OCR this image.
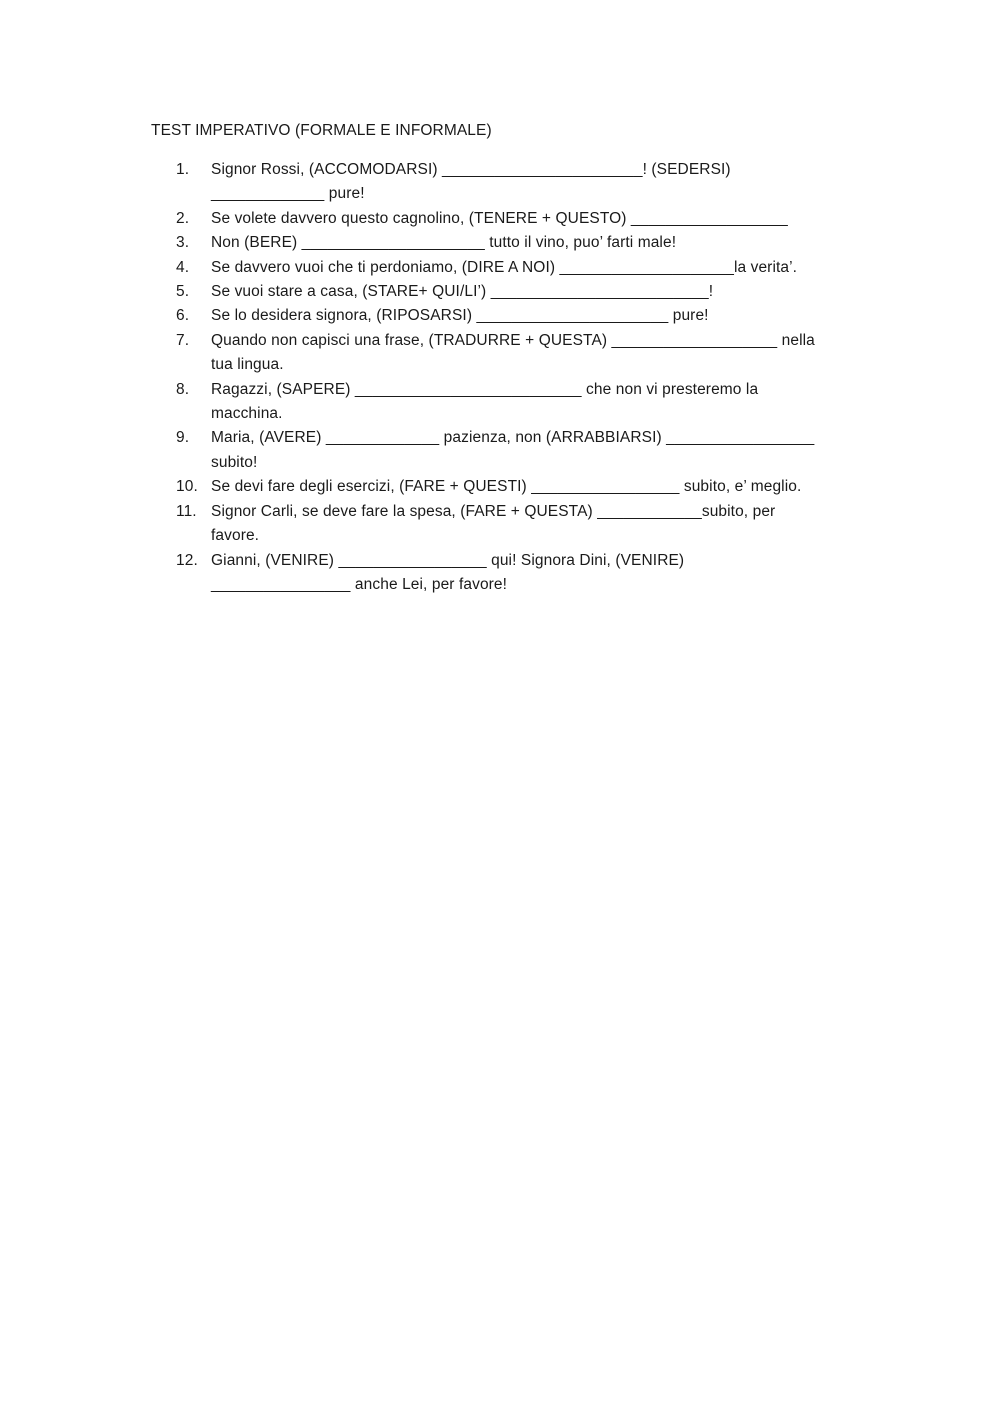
TEST IMPERATIVO (FORMALE E INFORMALE)
1.	Signor Rossi, (ACCOMODARSI) _______________________! (SEDERSI)
_____________ pure!
2.	Se volete davvero questo cagnolino, (TENERE + QUESTO) __________________
3.	Non (BERE) _____________________ tutto il vino, puo’ farti male!
4.	Se davvero vuoi che ti perdoniamo, (DIRE A NOI) ____________________la verita’.
5.	Se vuoi stare a casa, (STARE+ QUI/LI’) _________________________!
6.	Se lo desidera signora, (RIPOSARSI) ______________________ pure!
7.	Quando non capisci una frase, (TRADURRE + QUESTA) ___________________ nella
tua lingua.
8.	Ragazzi, (SAPERE) __________________________ che non vi presteremo la
macchina.
9.	Maria, (AVERE) _____________ pazienza, non (ARRABBIARSI) _________________
subito!
10. Se devi fare degli esercizi, (FARE + QUESTI) _________________ subito, e’ meglio.
11. Signor Carli, se deve fare la spesa, (FARE + QUESTA) ____________subito, per
favore.
12. Gianni, (VENIRE) _________________ qui! Signora Dini, (VENIRE)
________________ anche Lei, per favore!
